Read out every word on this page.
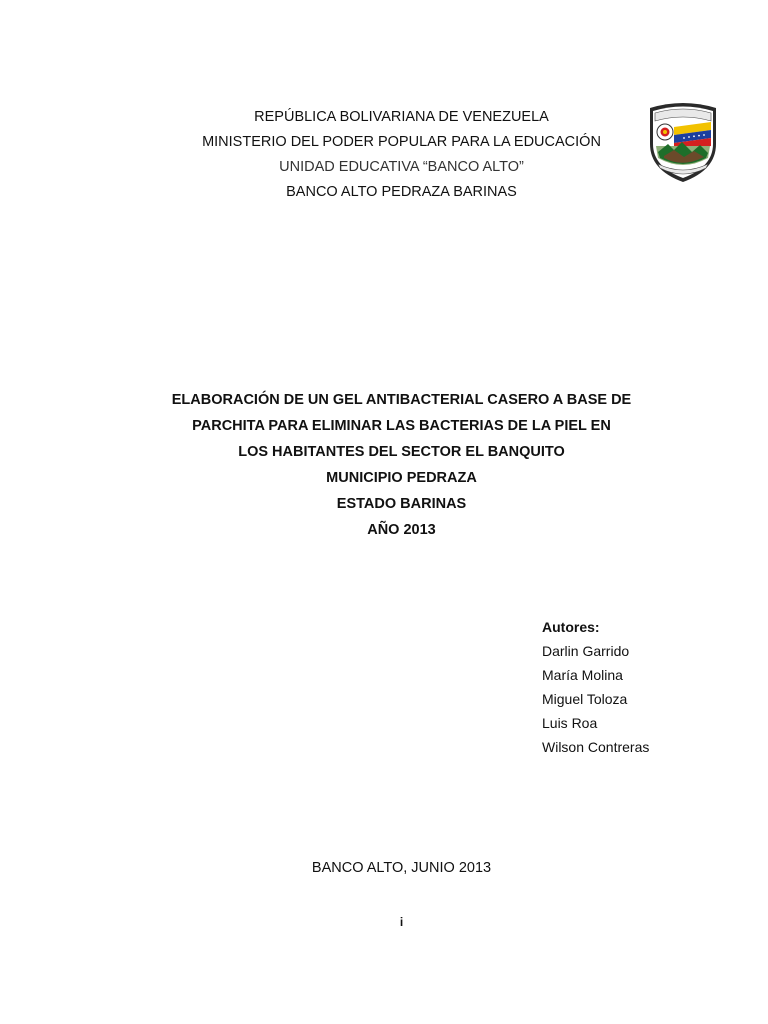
REPÚBLICA BOLIVARIANA DE VENEZUELA
MINISTERIO DEL PODER POPULAR PARA LA EDUCACIÓN
UNIDAD EDUCATIVA “BANCO ALTO”
BANCO ALTO PEDRAZA BARINAS
ELABORACIÓN DE UN GEL ANTIBACTERIAL CASERO A BASE DE
PARCHITA PARA ELIMINAR LAS BACTERIAS DE LA PIEL EN
LOS HABITANTES DEL SECTOR EL BANQUITO
MUNICIPIO PEDRAZA
ESTADO BARINAS
AÑO 2013
Autores:
Darlin Garrido
María Molina
Miguel Toloza
Luis Roa
Wilson Contreras
BANCO ALTO, JUNIO 2013
i
